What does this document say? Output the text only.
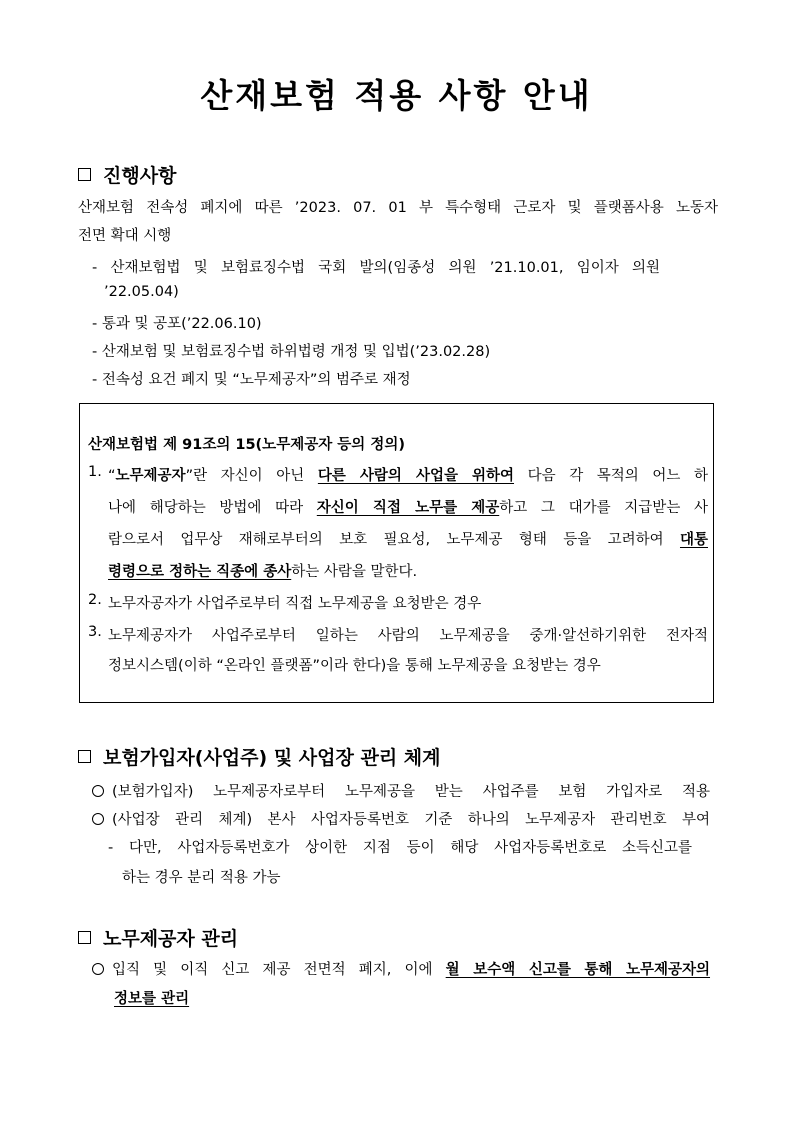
산재보험 적용 사항 안내
진행사항
산재보험 전속성 폐지에 따른 ’2023. 07. 01 부 특수형태 근로자 및 플랫폼사용 노동자
전면 확대 시행
- 산재보험법 및 보험료징수법 국회 발의(임종성 의원 ’21.10.01, 임이자 의원
’22.05.04)
- 통과 및 공포(’22.06.10)
- 산재보험 및 보험료징수법 하위법령 개정 및 입법(’23.02.28)
- 전속성 요건 폐지 및 “노무제공자”의 범주로 재정
산재보험법 제 91조의 15(노무제공자 등의 정의)
1. “노무제공자”란 자신이 아닌 다른 사람의 사업을 위하여 다음 각 목적의 어느 하
나에 해당하는 방법에 따라 자신이 직접 노무를 제공하고 그 대가를 지급받는 사
람으로서 업무상 재해로부터의 보호 필요성, 노무제공 형태 등을 고려하여 대통
령령으로 정하는 직종에 종사하는 사람을 말한다.
2. 노무자공자가 사업주로부터 직접 노무제공을 요청받은 경우
3. 노무제공자가 사업주로부터 일하는 사람의 노무제공을 중개·알선하기위한 전자적
정보시스템(이하 “온라인 플랫폼”이라 한다)을 통해 노무제공을 요청받는 경우
보험가입자(사업주) 및 사업장 관리 체계
(보험가입자) 노무제공자로부터 노무제공을 받는 사업주를 보험 가입자로 적용
(사업장 관리 체계) 본사 사업자등록번호 기준 하나의 노무제공자 관리번호 부여
- 다만, 사업자등록번호가 상이한 지점 등이 해당 사업자등록번호로 소득신고를
하는 경우 분리 적용 가능
노무제공자 관리
입직 및 이직 신고 제공 전면적 폐지, 이에 월 보수액 신고를 통해 노무제공자의
정보를 관리
